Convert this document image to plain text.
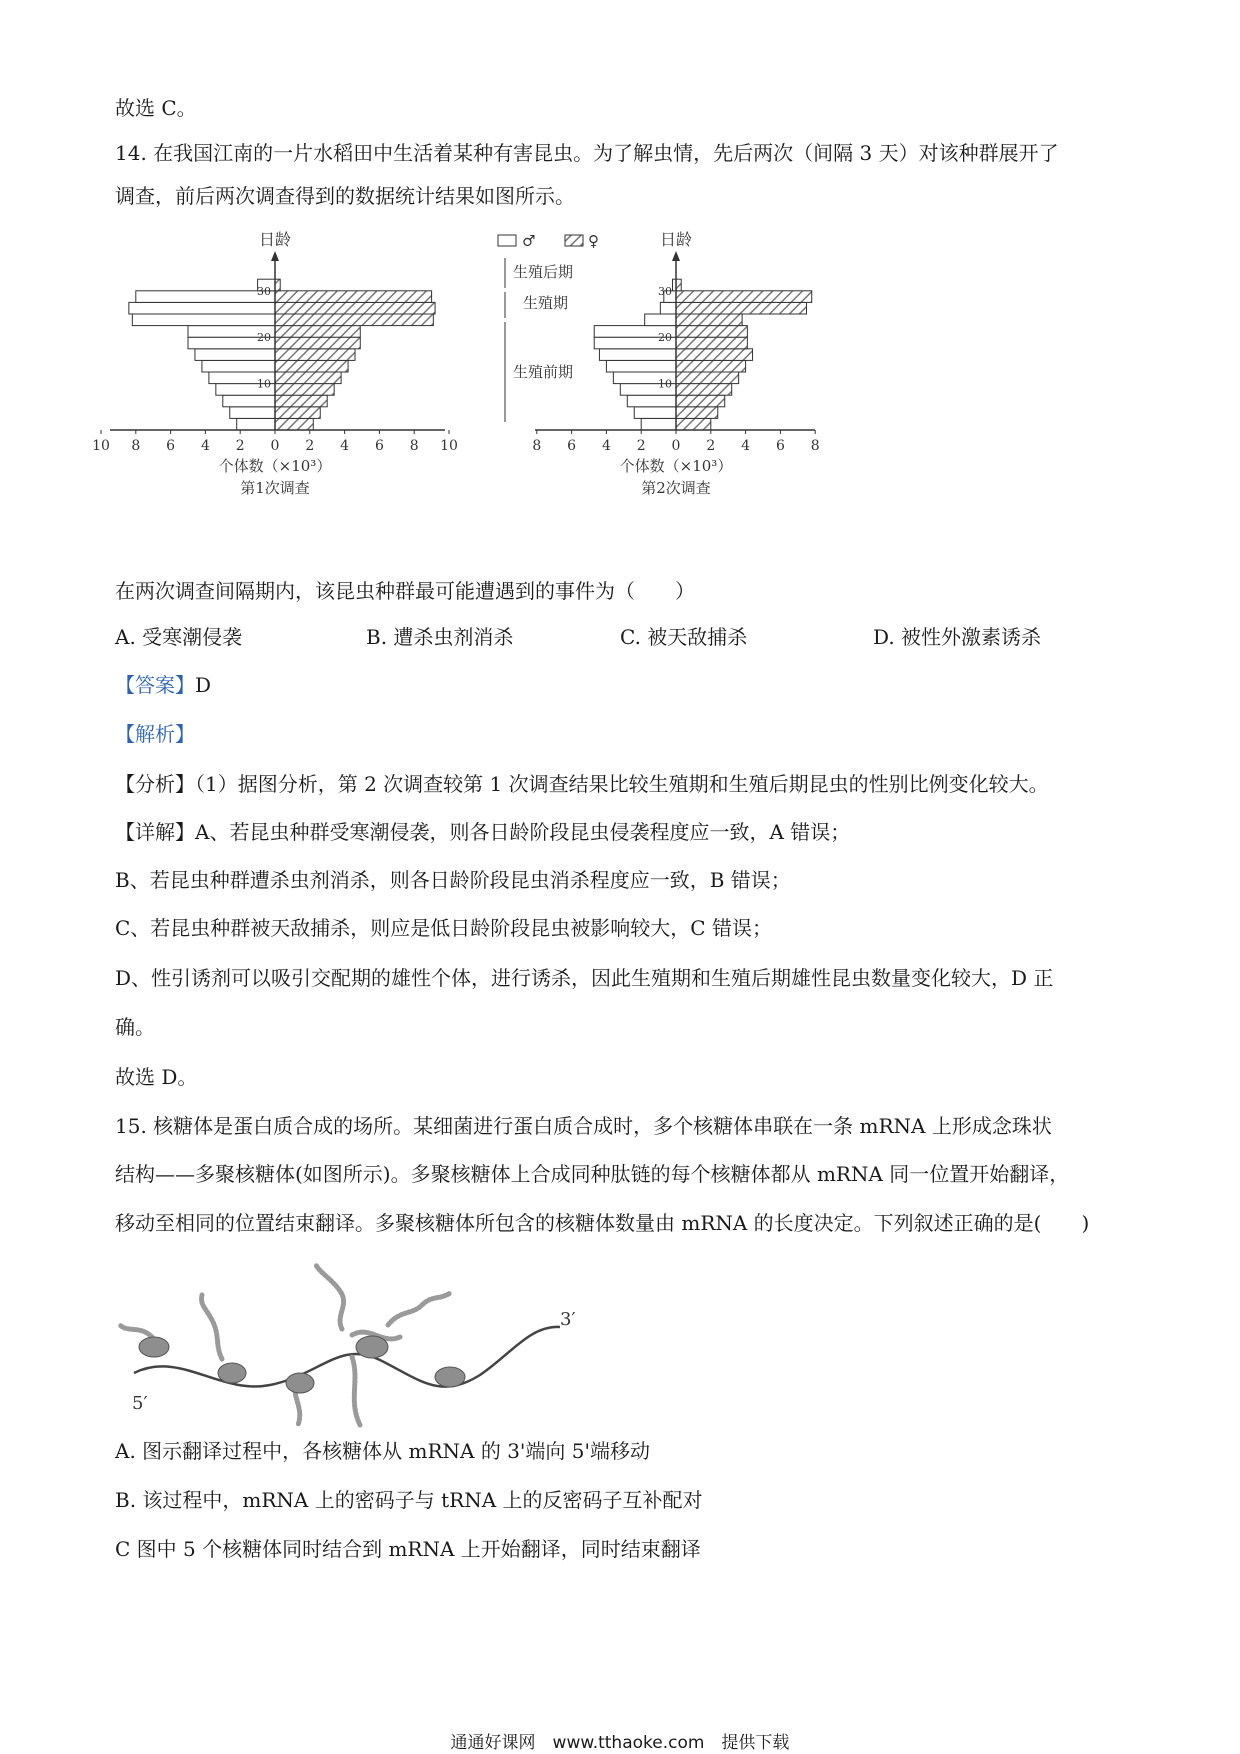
故选 C。
14. 在我国江南的一片水稻田中生活着某种有害昆虫。为了解虫情，先后两次（间隔 3 天）对该种群展开了
调查，前后两次调查得到的数据统计结果如图所示。
10 8 6 4 2 0 2 4 6 8 10
日龄
10
20
30
个体数（×10³）
第1次调查
8 6 4 2 0 2 4 6 8
日龄
10
20
30
个体数（×10³）
第2次调查
♂	♀
生殖后期
生殖期
生殖前期
在两次调查间隔期内，该昆虫种群最可能遭遇到的事件为（　　）
A. 受寒潮侵袭	B. 遭杀虫剂消杀	C. 被天敌捕杀	D. 被性外激素诱杀
【答案】D
【解析】
【分析】（1）据图分析，第 2 次调查较第 1 次调查结果比较生殖期和生殖后期昆虫的性别比例变化较大。
【详解】A、若昆虫种群受寒潮侵袭，则各日龄阶段昆虫侵袭程度应一致，A 错误；
B、若昆虫种群遭杀虫剂消杀，则各日龄阶段昆虫消杀程度应一致，B 错误；
C、若昆虫种群被天敌捕杀，则应是低日龄阶段昆虫被影响较大，C 错误；
D、性引诱剂可以吸引交配期的雄性个体，进行诱杀，因此生殖期和生殖后期雄性昆虫数量变化较大，D 正
确。
故选 D。
15. 核糖体是蛋白质合成的场所。某细菌进行蛋白质合成时，多个核糖体串联在一条 mRNA 上形成念珠状
结构——多聚核糖体(如图所示)。多聚核糖体上合成同种肽链的每个核糖体都从 mRNA 同一位置开始翻译，
移动至相同的位置结束翻译。多聚核糖体所包含的核糖体数量由 mRNA 的长度决定。下列叙述正确的是(　　)
3′
5′
A. 图示翻译过程中，各核糖体从 mRNA 的 3'端向 5'端移动
B. 该过程中，mRNA 上的密码子与 tRNA 上的反密码子互补配对
C 图中 5 个核糖体同时结合到 mRNA 上开始翻译，同时结束翻译
通通好课网　www.tthaoke.com　提供下载
